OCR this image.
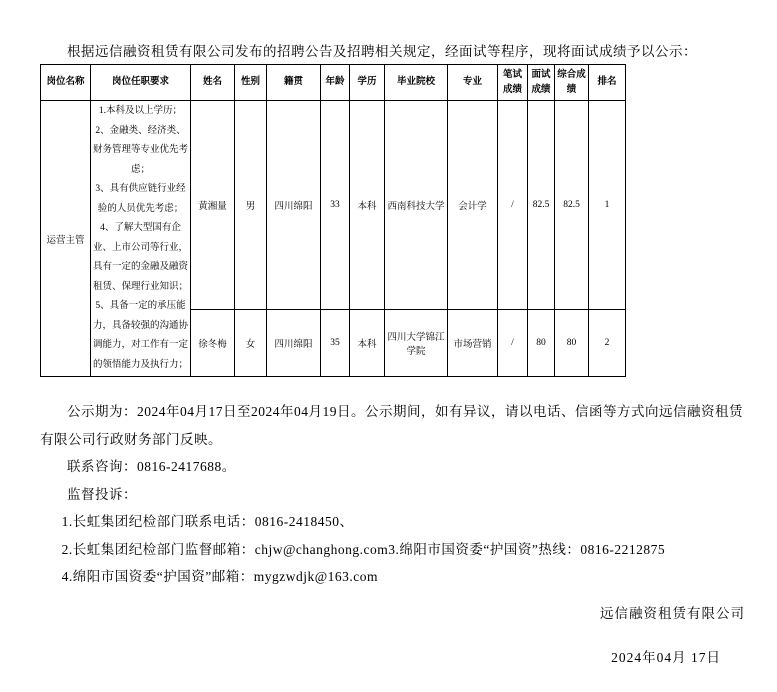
根据远信融资租赁有限公司发布的招聘公告及招聘相关规定，经面试等程序，现将面试成绩予以公示：

岗位名称	岗位任职要求	姓名	性别	籍贯	年龄	学历	毕业院校	专业	笔试成绩	面试成绩	综合成绩	排名
运营主管	1.本科及以上学历；

2、金融类、经济类、财务管理等专业优先考虑；

3、具有供应链行业经验的人员优先考虑；

4、了解大型国有企业、上市公司等行业，具有一定的金融及融资租赁、保理行业知识；

5、具备一定的承压能力，具备较强的沟通协调能力，对工作有一定的领悟能力及执行力；	黄湘量	男	四川绵阳	33	本科	西南科技大学	会计学	/	82.5	82.5	1
		徐冬梅	女	四川绵阳	35	本科	四川大学锦江学院	市场营销	/	80	80	2

公示期为：2024年04月17日至2024年04月19日。公示期间，如有异议，请以电话、信函等方式向远信融资租赁有限公司行政财务部门反映。

联系咨询：0816-2417688。

监督投诉：

1.长虹集团纪检部门联系电话：0816-2418450、

2.长虹集团纪检部门监督邮箱：chjw@changhong.com3.绵阳市国资委“护国资”热线：0816-2212875

4.绵阳市国资委“护国资”邮箱：mygzwdjk@163.com

远信融资租赁有限公司
2024年04月 17日
